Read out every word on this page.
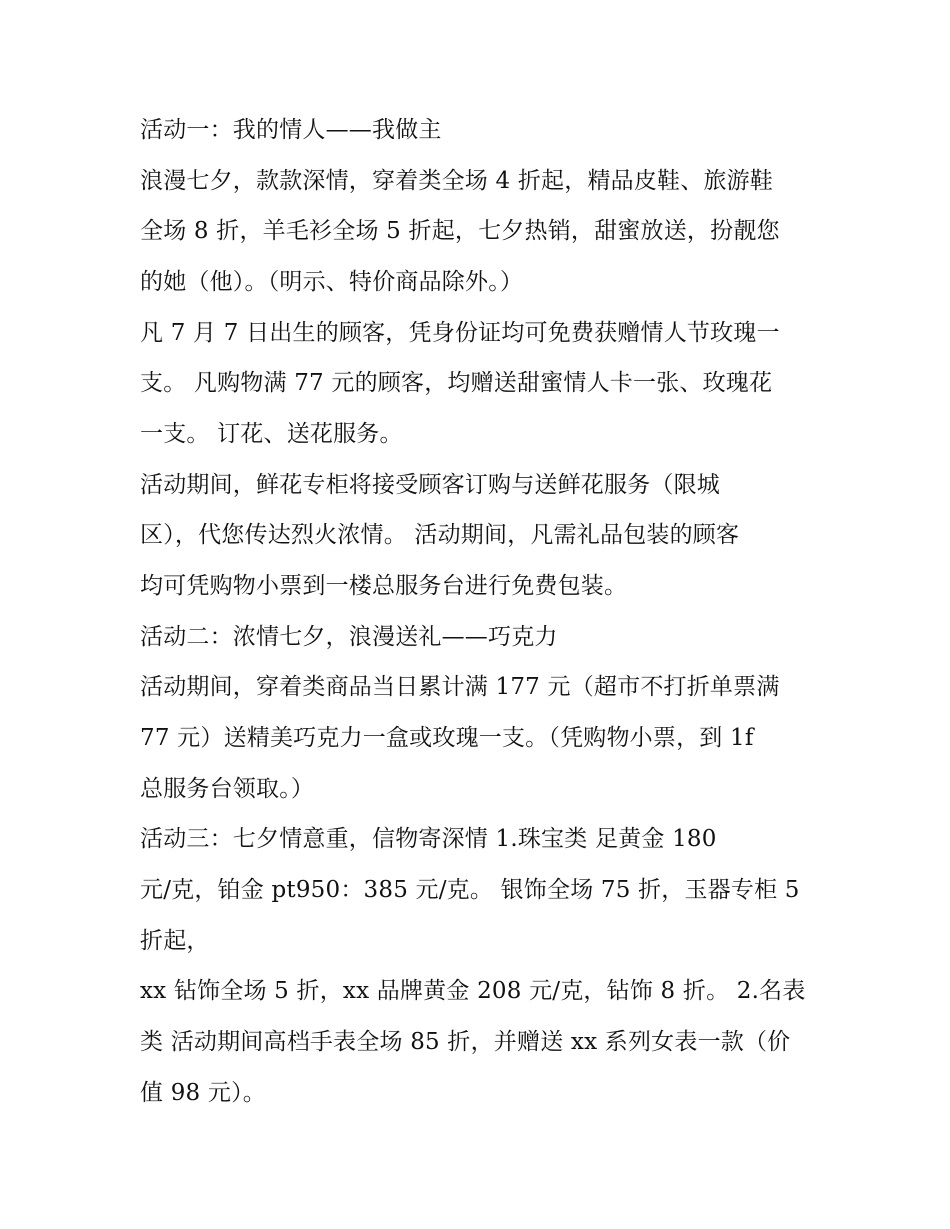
活动一：我的情人——我做主
浪漫七夕，款款深情，穿着类全场 4 折起，精品皮鞋、旅游鞋
全场 8 折，羊毛衫全场 5 折起，七夕热销，甜蜜放送，扮靓您
的她（他）。（明示、特价商品除外。）
凡 7 月 7 日出生的顾客，凭身份证均可免费获赠情人节玫瑰一
支。 凡购物满 77 元的顾客，均赠送甜蜜情人卡一张、玫瑰花
一支。 订花、送花服务。
活动期间，鲜花专柜将接受顾客订购与送鲜花服务（限城
区），代您传达烈火浓情。 活动期间，凡需礼品包装的顾客
均可凭购物小票到一楼总服务台进行免费包装。
活动二：浓情七夕，浪漫送礼——巧克力
活动期间，穿着类商品当日累计满 177 元（超市不打折单票满
77 元）送精美巧克力一盒或玫瑰一支。（凭购物小票，到 1f
总服务台领取。）
活动三：七夕情意重，信物寄深情 1.珠宝类 足黄金 180
元/克，铂金 pt950：385 元/克。 银饰全场 75 折，玉器专柜 5
折起，
xx 钻饰全场 5 折，xx 品牌黄金 208 元/克，钻饰 8 折。 2.名表
类 活动期间高档手表全场 85 折，并赠送 xx 系列女表一款（价
值 98 元）。
